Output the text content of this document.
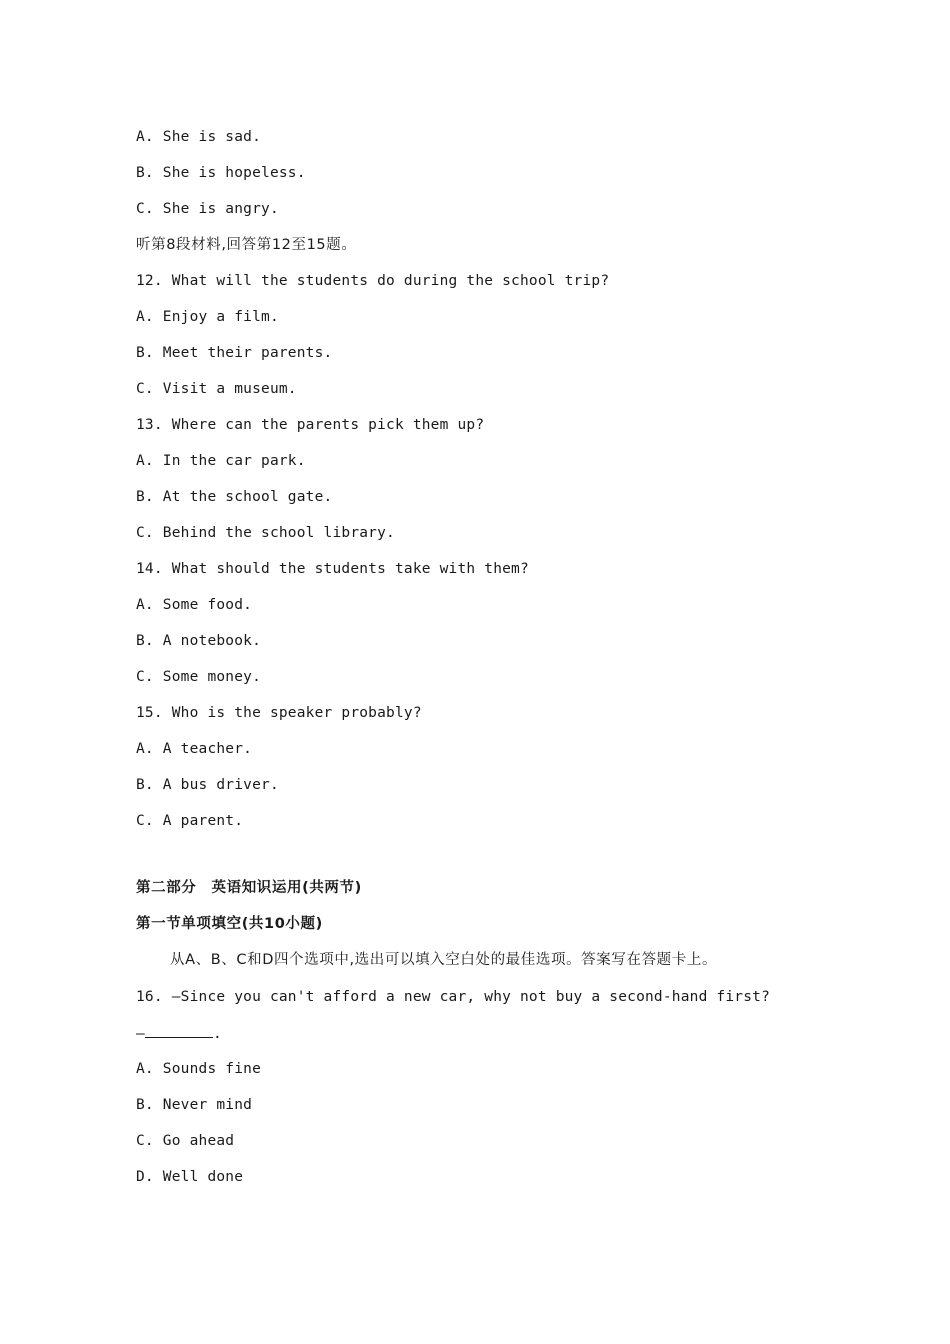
A. She is sad.
B. She is hopeless.
C. She is angry.
听第8段材料,回答第12至15题。
12. What will the students do during the school trip?
A. Enjoy a film.
B. Meet their parents.
C. Visit a museum.
13. Where can the parents pick them up?
A. In the car park.
B. At the school gate.
C. Behind the school library.
14. What should the students take with them?
A. Some food.
B. A notebook.
C. Some money.
15. Who is the speaker probably?
A. A teacher.
B. A bus driver.
C. A parent.
第二部分　英语知识运用(共两节)
第一节单项填空(共10小题)
从A、B、C和D四个选项中,选出可以填入空白处的最佳选项。答案写在答题卡上。
16. —Since you can't afford a new car, why not buy a second-hand first?
—	.
A. Sounds fine
B. Never mind
C. Go ahead
D. Well done
